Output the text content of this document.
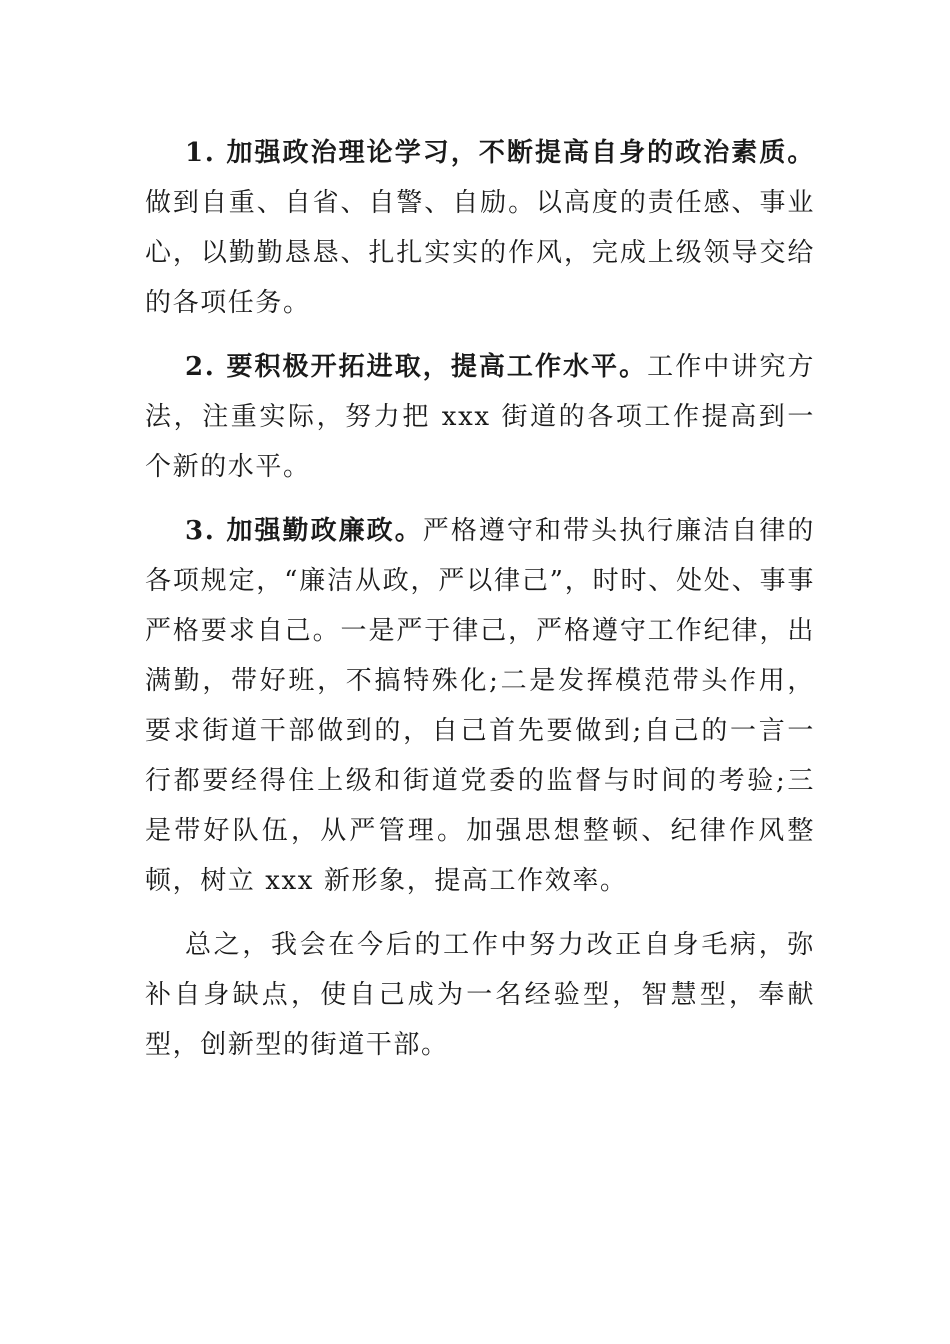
1. 加强政治理论学习，不断提高自身的政治素质。做到自重、自省、自警、自励。以高度的责任感、事业心，以勤勤恳恳、扎扎实实的作风，完成上级领导交给的各项任务。

2. 要积极开拓进取，提高工作水平。工作中讲究方法，注重实际，努力把 xxx 街道的各项工作提高到一个新的水平。

3. 加强勤政廉政。严格遵守和带头执行廉洁自律的各项规定，“廉洁从政，严以律己”，时时、处处、事事严格要求自己。一是严于律己，严格遵守工作纪律，出满勤，带好班，不搞特殊化;二是发挥模范带头作用，要求街道干部做到的，自己首先要做到;自己的一言一行都要经得住上级和街道党委的监督与时间的考验;三是带好队伍，从严管理。加强思想整顿、纪律作风整顿，树立 xxx 新形象，提高工作效率。

总之，我会在今后的工作中努力改正自身毛病，弥补自身缺点，使自己成为一名经验型，智慧型，奉献型，创新型的街道干部。
